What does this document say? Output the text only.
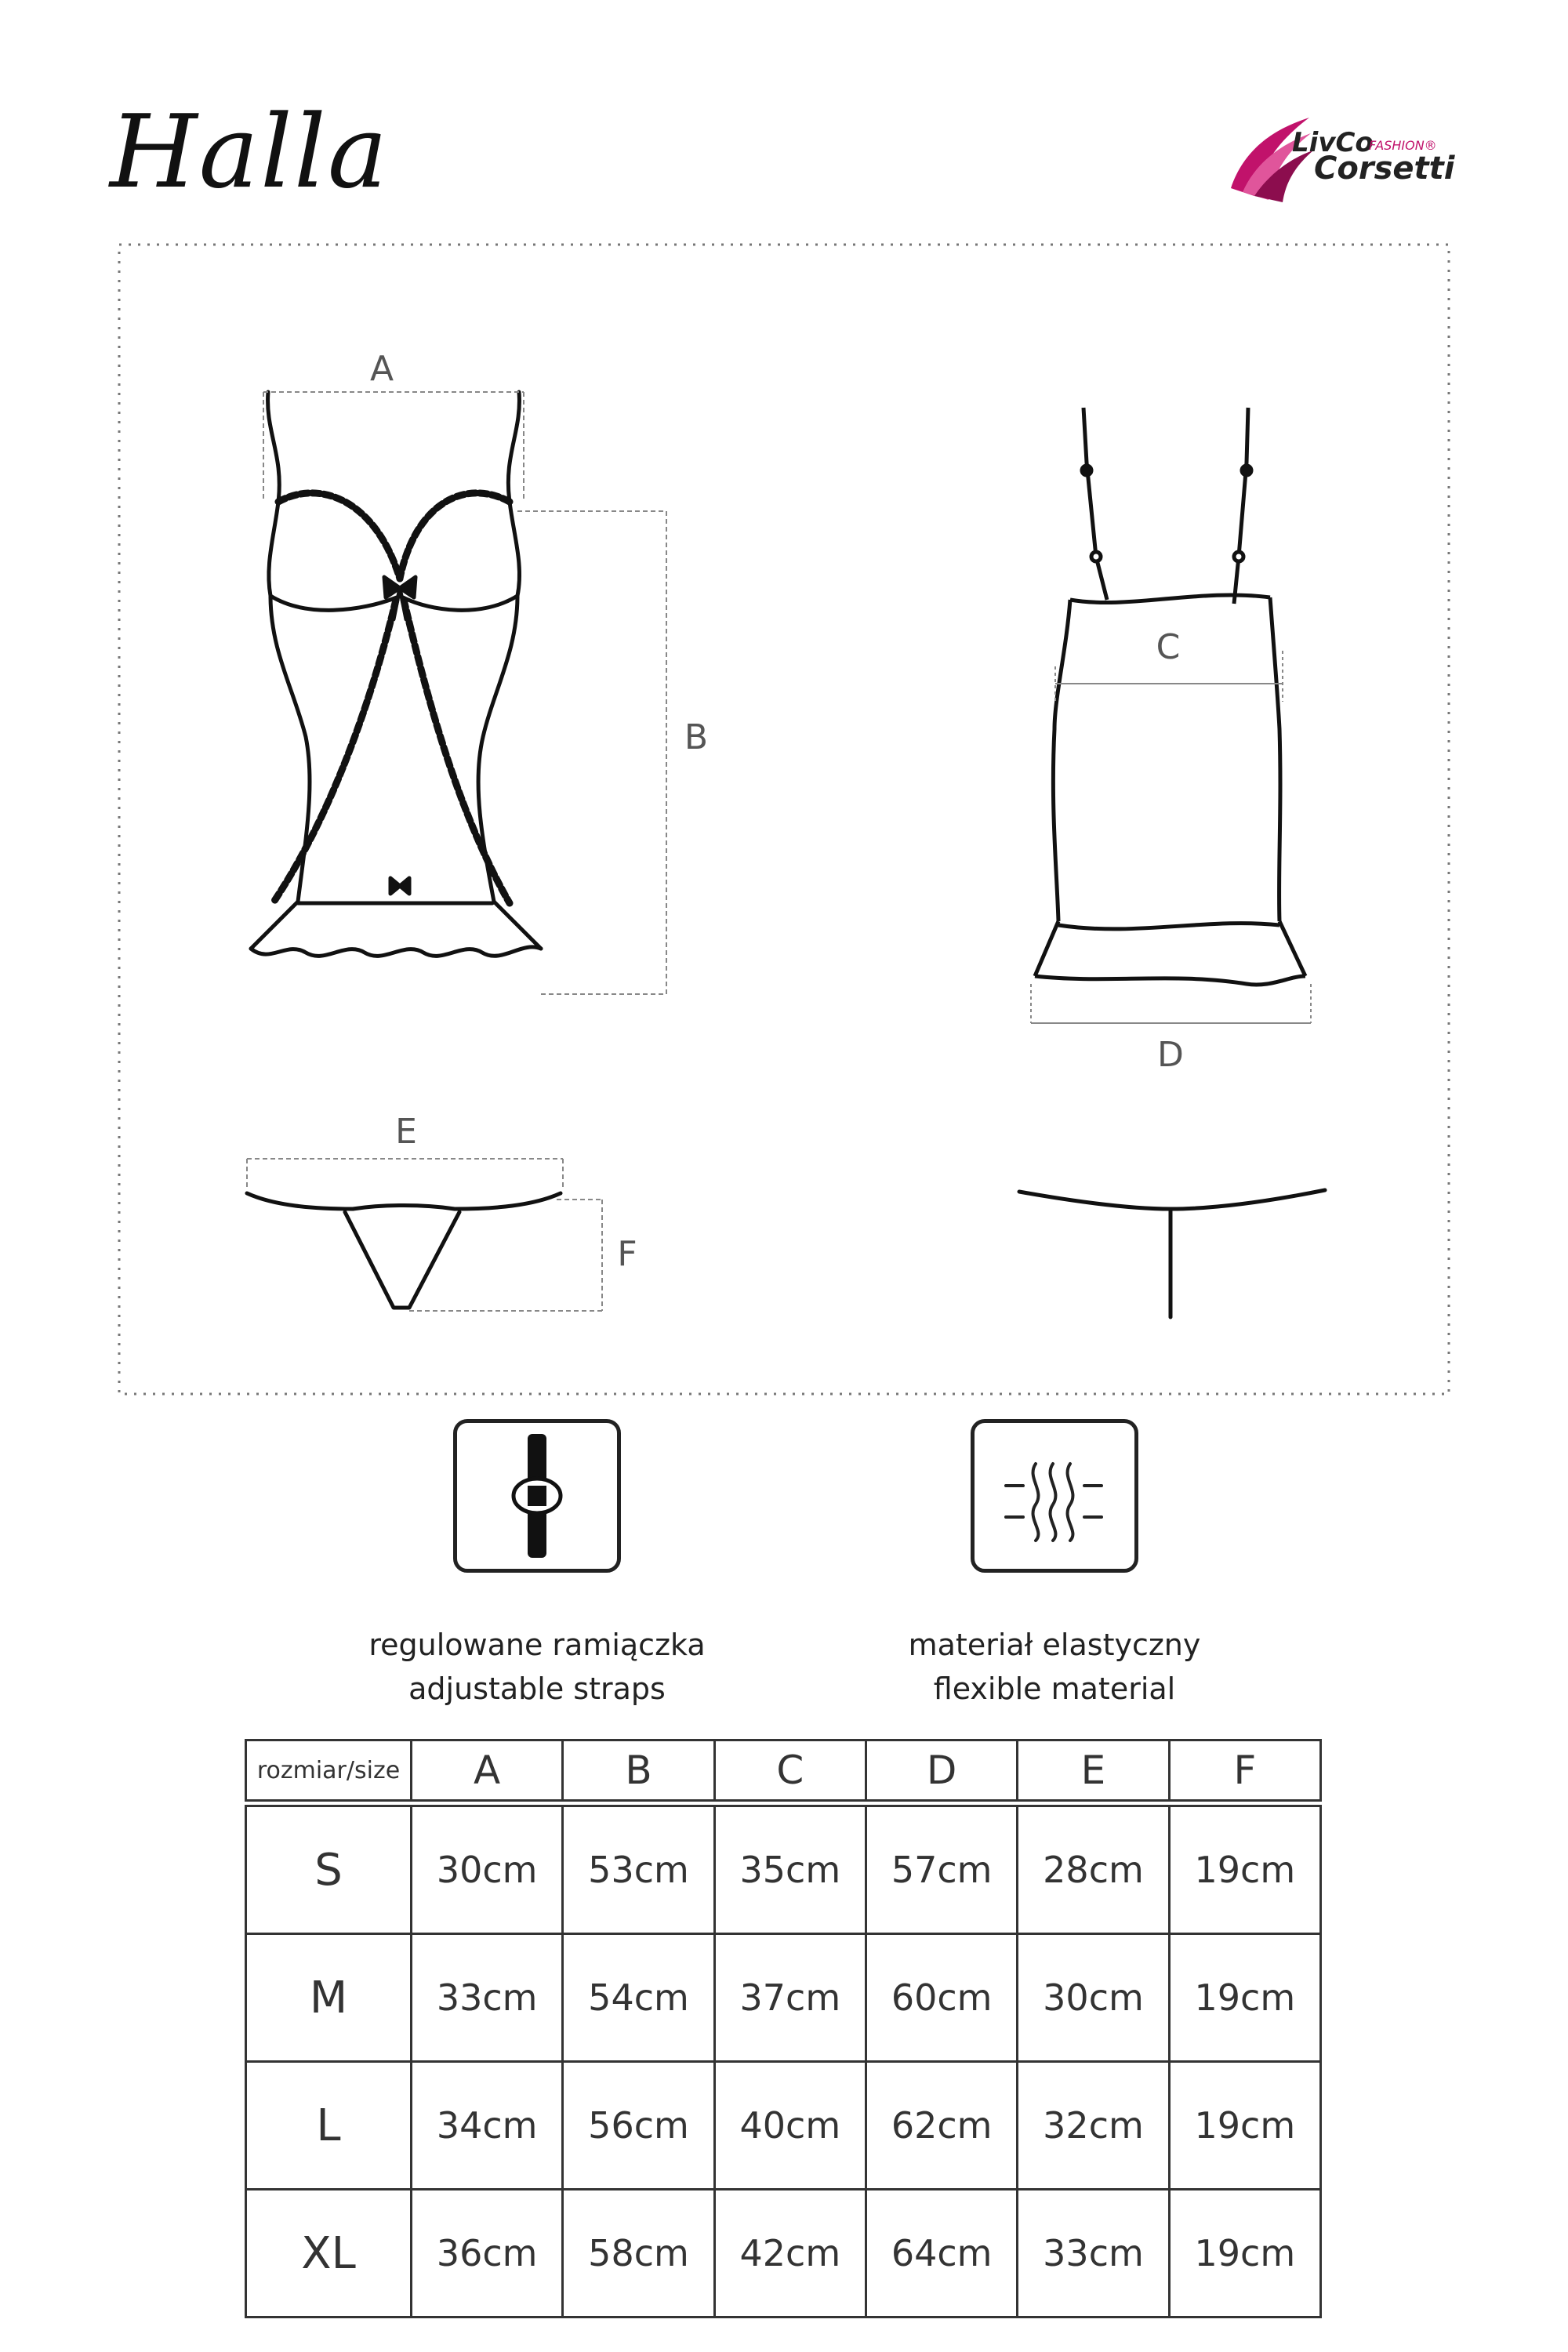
Halla	LivCo
FASHION®
Corsetti
A
B
C
D
E
F
regulowane ramiączka
adjustable straps
materiał elastyczny
flexible material
rozmiar/size	A	B	C	D	E	F
S	30cm	53cm	35cm	57cm	28cm	19cm
M	33cm	54cm	37cm	60cm	30cm	19cm
L	34cm	56cm	40cm	62cm	32cm	19cm
XL	36cm	58cm	42cm	64cm	33cm	19cm
